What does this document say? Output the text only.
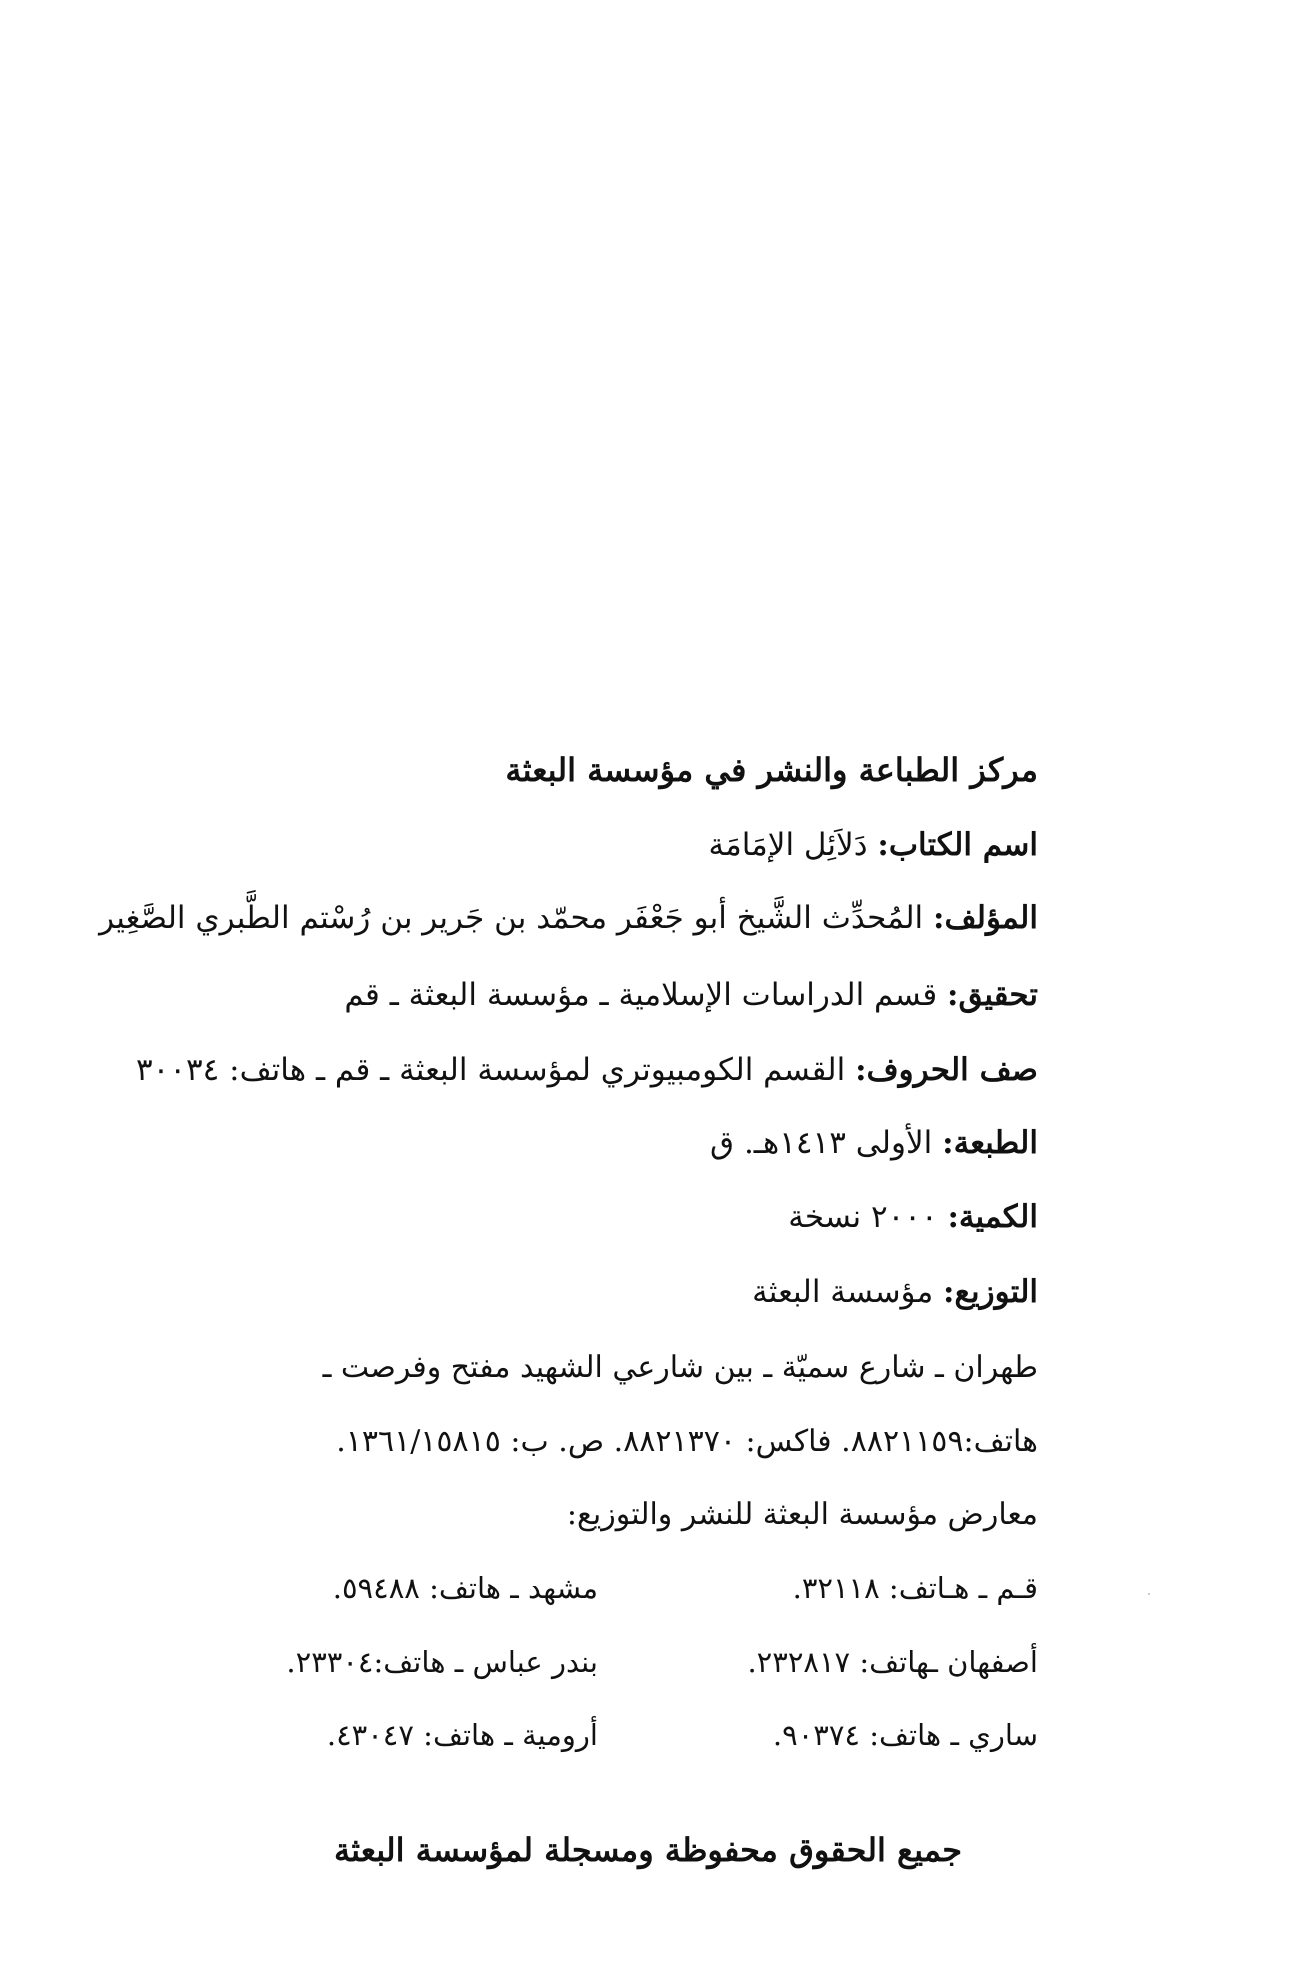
مركز الطباعة والنشر في مؤسسة البعثة
اسم الكتاب: دَلاَئِل الإمَامَة
المؤلف: المُحدِّث الشَّيخ أبو جَعْفَر محمّد بن جَرير بن رُسْتم الطَّبري الصَّغِير
تحقيق: قسم الدراسات الإسلامية ـ مؤسسة البعثة ـ قم
صف الحروف: القسم الكومبيوتري لمؤسسة البعثة ـ قم ـ هاتف: ٣٠٠٣٤
الطبعة: الأولى ١٤١٣هـ. ق
الكمية: ٢٠٠٠ نسخة
التوزيع: مؤسسة البعثة
طهران ـ شارع سميّة ـ بين شارعي الشهيد مفتح وفرصت ـ
هاتف:٨٨٢١١٥٩. فاكس: ٨٨٢١٣٧٠. ص. ب: ١٣٦١/١٥٨١٥.
معارض مؤسسة البعثة للنشر والتوزيع:
قـم ـ هـاتف: ٣٢١١٨.
مشهد ـ هاتف: ٥٩٤٨٨.
أصفهان ـهاتف: ٢٣٢٨١٧.
بندر عباس ـ هاتف:٢٣٣٠٤.
ساري ـ هاتف: ٩٠٣٧٤.
أرومية ـ هاتف: ٤٣٠٤٧.
جميع الحقوق محفوظة ومسجلة لمؤسسة البعثة
